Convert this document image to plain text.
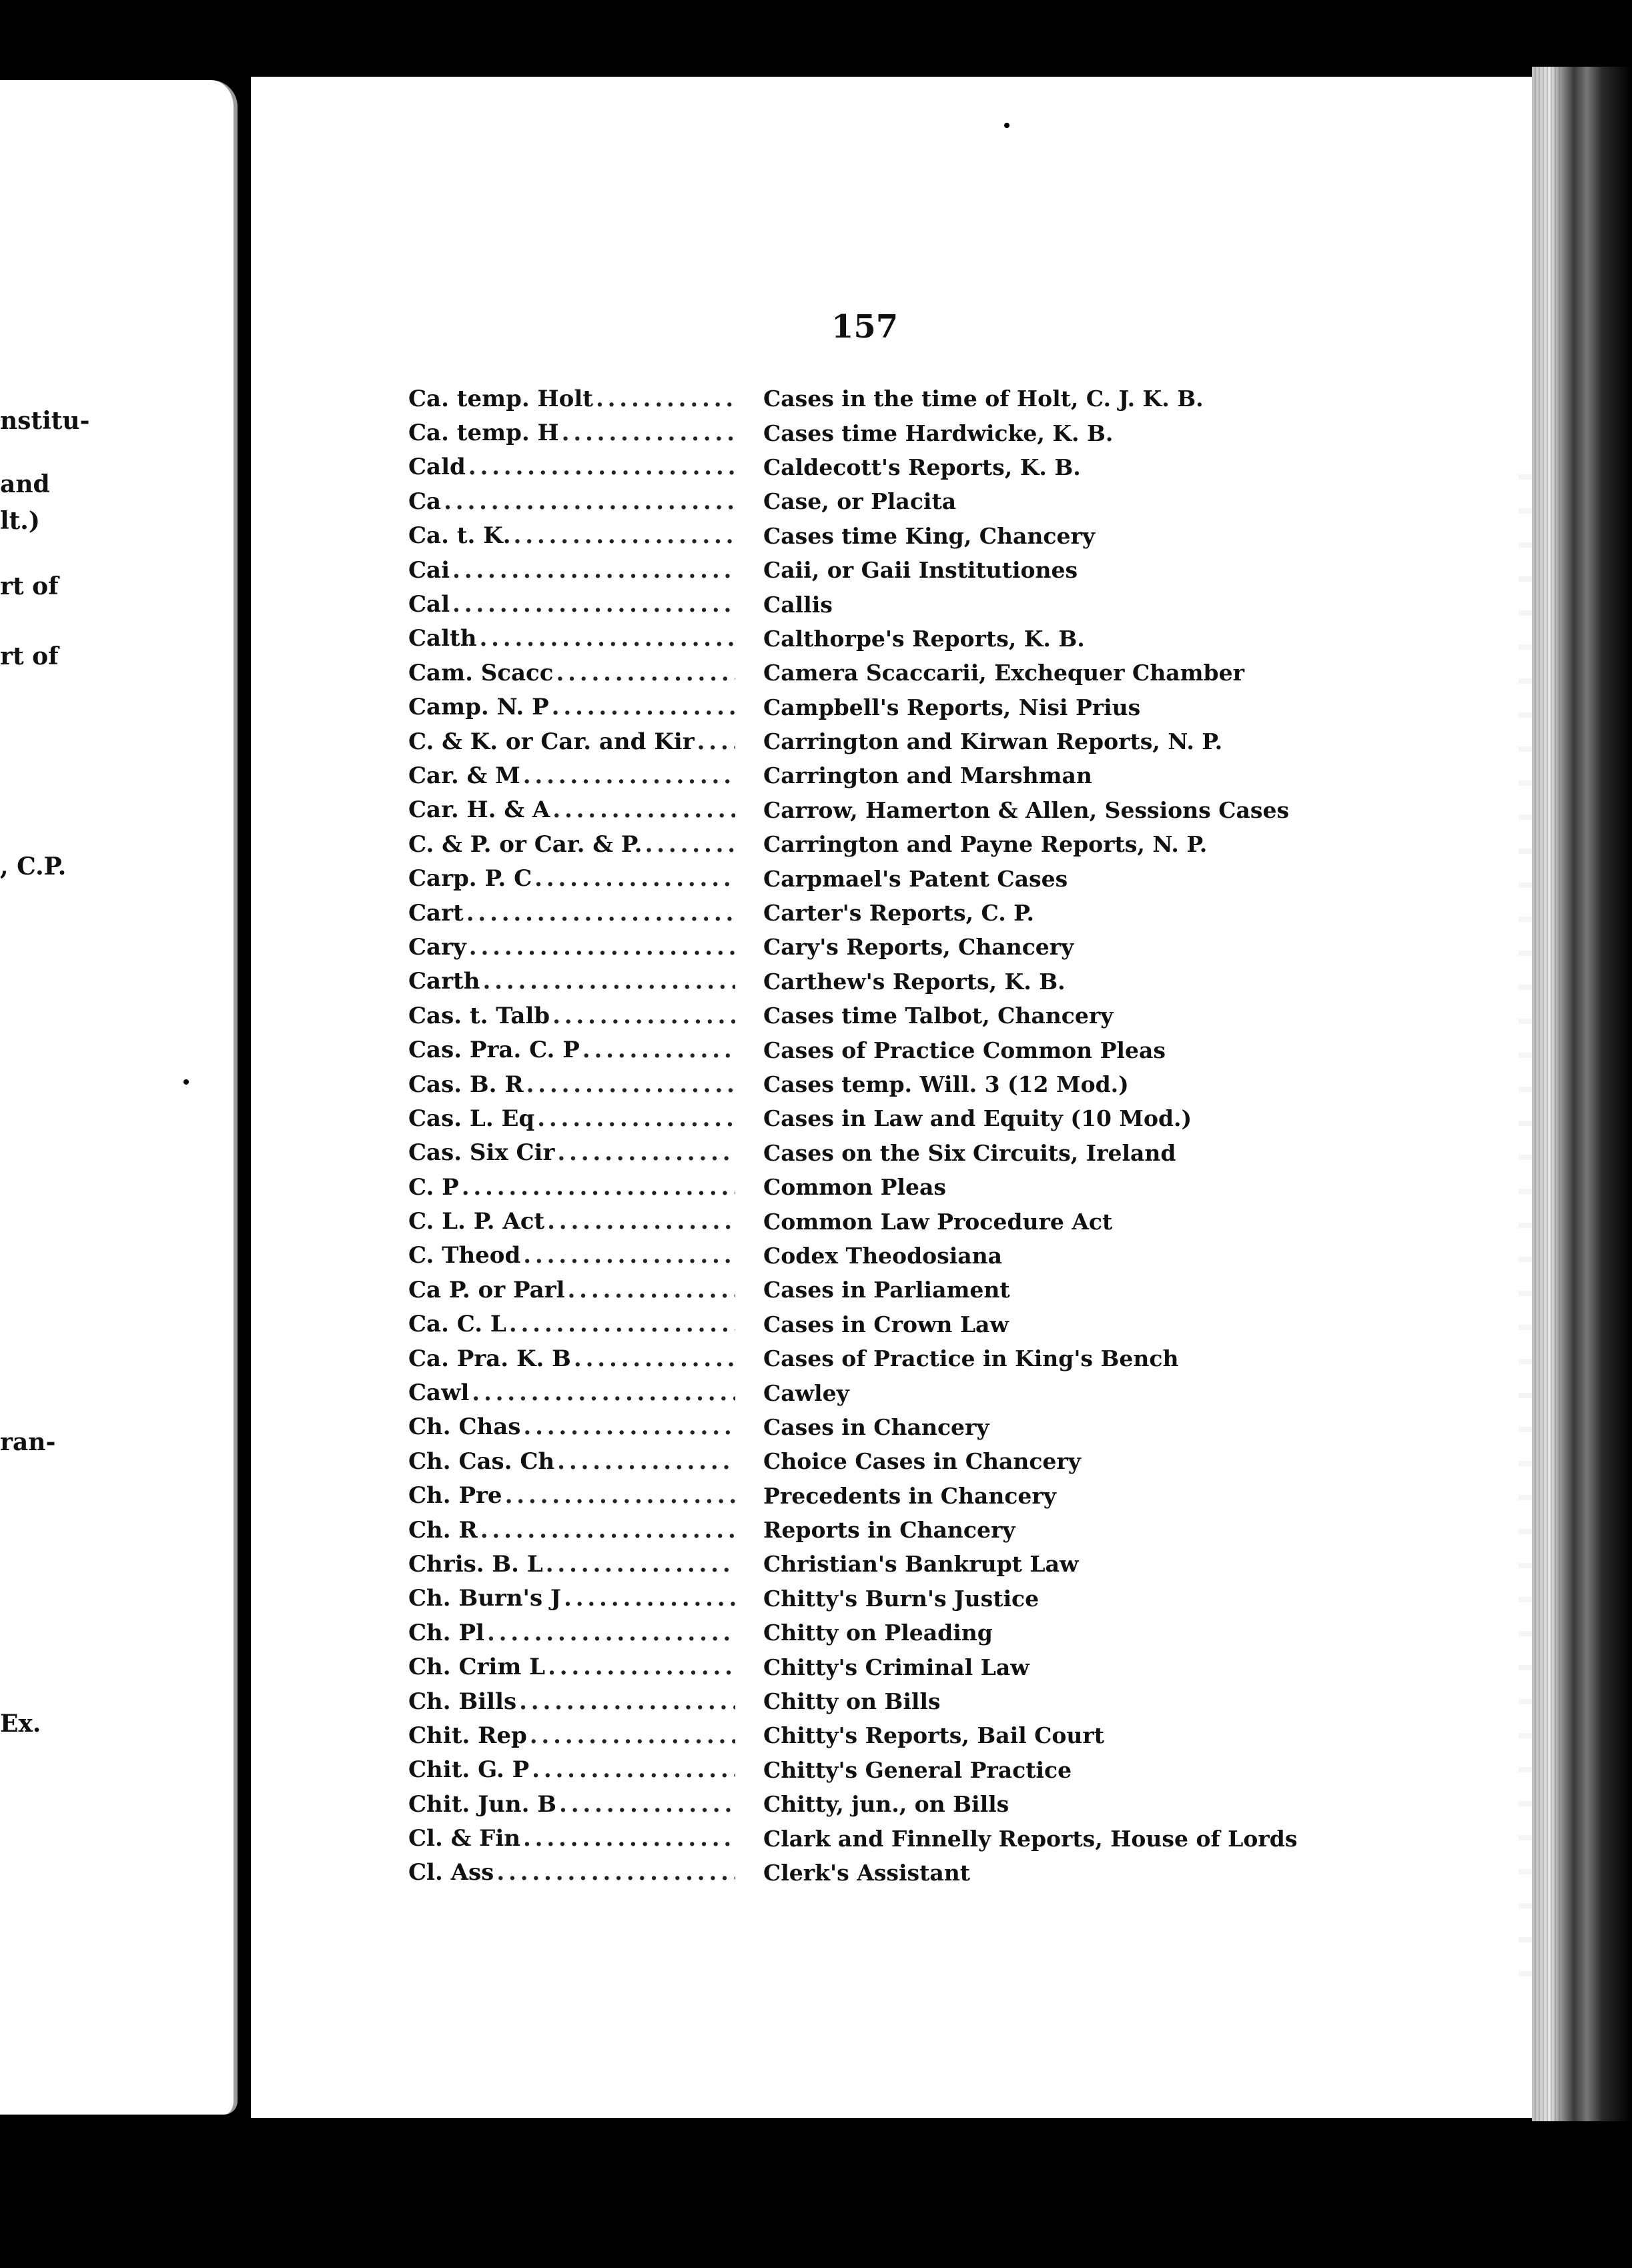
nstitu-
and
lt.)
rt of
rt of
, C.P.
ran-
Ex.
157
Ca. temp. Holt . . .	Cases in the time of Holt, C. J. K. B.
Ca. temp. H . . .	Cases time Hardwicke, K. B.
Cald . . .	Caldecott's Reports, K. B.
Ca . . .	Case, or Placita
Ca. t. K. . . .	Cases time King, Chancery
Cai . . .	Caii, or Gaii Institutiones
Cal . . .	Callis
Calth . . .	Calthorpe's Reports, K. B.
Cam. Scacc . . .	Camera Scaccarii, Exchequer Chamber
Camp. N. P . . .	Campbell's Reports, Nisi Prius
C. & K. or Car. and Kir . . .	Carrington and Kirwan Reports, N. P.
Car. & M . . .	Carrington and Marshman
Car. H. & A . . .	Carrow, Hamerton & Allen, Sessions Cases
C. & P. or Car. & P. . . .	Carrington and Payne Reports, N. P.
Carp. P. C . . .	Carpmael's Patent Cases
Cart . . .	Carter's Reports, C. P.
Cary . . .	Cary's Reports, Chancery
Carth . . .	Carthew's Reports, K. B.
Cas. t. Talb . . .	Cases time Talbot, Chancery
Cas. Pra. C. P . . .	Cases of Practice Common Pleas
Cas. B. R . . .	Cases temp. Will. 3 (12 Mod.)
Cas. L. Eq . . .	Cases in Law and Equity (10 Mod.)
Cas. Six Cir . . .	Cases on the Six Circuits, Ireland
C. P . . .	Common Pleas
C. L. P. Act . . .	Common Law Procedure Act
C. Theod . . .	Codex Theodosiana
Ca P. or Parl . . .	Cases in Parliament
Ca. C. L . . .	Cases in Crown Law
Ca. Pra. K. B . . .	Cases of Practice in King's Bench
Cawl . . .	Cawley
Ch. Chas . . .	Cases in Chancery
Ch. Cas. Ch . . .	Choice Cases in Chancery
Ch. Pre . . .	Precedents in Chancery
Ch. R . . .	Reports in Chancery
Chris. B. L . . .	Christian's Bankrupt Law
Ch. Burn's J . . .	Chitty's Burn's Justice
Ch. Pl . . .	Chitty on Pleading
Ch. Crim L . . .	Chitty's Criminal Law
Ch. Bills . . .	Chitty on Bills
Chit. Rep . . .	Chitty's Reports, Bail Court
Chit. G. P . . .	Chitty's General Practice
Chit. Jun. B . . .	Chitty, jun., on Bills
Cl. & Fin . . .	Clark and Finnelly Reports, House of Lords
Cl. Ass . . .	Clerk's Assistant
